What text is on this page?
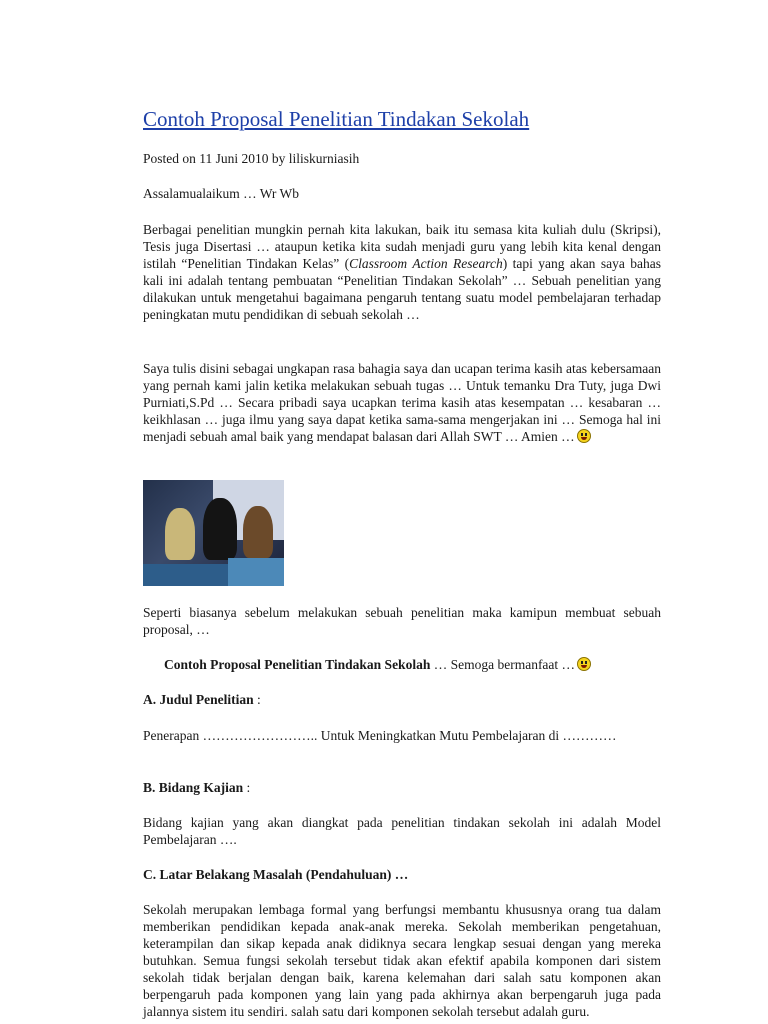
Contoh Proposal Penelitian Tindakan Sekolah

Posted on 11 Juni 2010 by liliskurniasih

Assalamualaikum … Wr Wb

Berbagai penelitian mungkin pernah kita lakukan, baik itu semasa kita kuliah dulu (Skripsi), Tesis juga Disertasi … ataupun ketika kita sudah menjadi guru yang lebih kita kenal dengan istilah “Penelitian Tindakan Kelas” (Classroom Action Research) tapi yang akan saya bahas kali ini adalah tentang pembuatan “Penelitian Tindakan Sekolah” … Sebuah penelitian yang dilakukan untuk mengetahui bagaimana pengaruh tentang suatu model pembelajaran terhadap peningkatan mutu pendidikan di sebuah sekolah …

Saya tulis disini sebagai ungkapan rasa bahagia saya dan ucapan terima kasih atas kebersamaan yang pernah kami jalin ketika melakukan sebuah tugas … Untuk temanku Dra Tuty, juga Dwi Purniati,S.Pd … Secara pribadi saya ucapkan terima kasih atas kesempatan … kesabaran … keikhlasan … juga ilmu yang saya dapat ketika sama-sama mengerjakan ini … Semoga hal ini menjadi sebuah amal baik yang mendapat balasan dari Allah SWT … Amien …

Seperti biasanya sebelum melakukan sebuah penelitian maka kamipun membuat sebuah proposal, …

Contoh Proposal Penelitian Tindakan Sekolah … Semoga bermanfaat …

A. Judul Penelitian :

Penerapan …………………….. Untuk Meningkatkan Mutu Pembelajaran di …………

B. Bidang Kajian :

Bidang kajian yang akan diangkat pada penelitian tindakan sekolah ini adalah Model Pembelajaran ….

C. Latar Belakang Masalah (Pendahuluan) …

Sekolah merupakan lembaga formal yang berfungsi membantu khususnya orang tua dalam memberikan pendidikan kepada anak-anak mereka. Sekolah memberikan pengetahuan, keterampilan dan sikap kepada anak didiknya secara lengkap sesuai dengan yang mereka butuhkan. Semua fungsi sekolah tersebut tidak akan efektif apabila komponen dari sistem sekolah tidak berjalan dengan baik, karena kelemahan dari salah satu komponen akan berpengaruh pada komponen yang lain yang pada akhirnya akan berpengaruh juga pada jalannya sistem itu sendiri. salah satu dari komponen sekolah tersebut adalah guru.
